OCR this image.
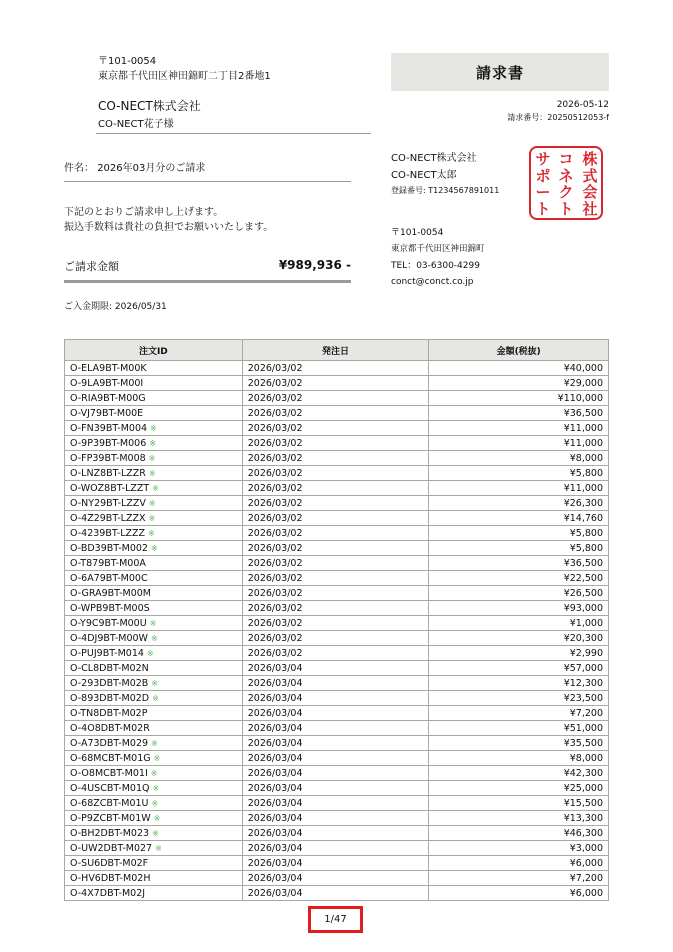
〒101-0054
東京都千代田区神田錦町二丁目2番地1
CO-NECT株式会社
CO-NECT花子様
件名： 2026年03月分のご請求
下記のとおりご請求申し上げます。
振込手数料は貴社の負担でお願いいたします。
ご請求金額	¥989,936 -
ご入金期限: 2026/05/31
請求書
2026-05-12
請求番号：20250512053-f
CO-NECT株式会社
CO-NECT太郎
登録番号: T1234567891011
〒101-0054
東京都千代田区神田錦町
TEL：03-6300-4299
conct@conct.co.jp
株
式
会
社
コ
ネ
ク
ト
サ
ポ
ー
ト
注文ID	発注日	金額(税抜)
O-ELA9BT-M00K	2026/03/02	¥40,000
O-9LA9BT-M00I	2026/03/02	¥29,000
O-RIA9BT-M00G	2026/03/02	¥110,000
O-VJ79BT-M00E	2026/03/02	¥36,500
O-FN39BT-M004 ※	2026/03/02	¥11,000
O-9P39BT-M006 ※	2026/03/02	¥11,000
O-FP39BT-M008 ※	2026/03/02	¥8,000
O-LNZ8BT-LZZR ※	2026/03/02	¥5,800
O-WOZ8BT-LZZT ※	2026/03/02	¥11,000
O-NY29BT-LZZV ※	2026/03/02	¥26,300
O-4Z29BT-LZZX ※	2026/03/02	¥14,760
O-4239BT-LZZZ ※	2026/03/02	¥5,800
O-BD39BT-M002 ※	2026/03/02	¥5,800
O-T879BT-M00A	2026/03/02	¥36,500
O-6A79BT-M00C	2026/03/02	¥22,500
O-GRA9BT-M00M	2026/03/02	¥26,500
O-WPB9BT-M00S	2026/03/02	¥93,000
O-Y9C9BT-M00U ※	2026/03/02	¥1,000
O-4DJ9BT-M00W ※	2026/03/02	¥20,300
O-PUJ9BT-M014 ※	2026/03/02	¥2,990
O-CL8DBT-M02N	2026/03/04	¥57,000
O-293DBT-M02B ※	2026/03/04	¥12,300
O-893DBT-M02D ※	2026/03/04	¥23,500
O-TN8DBT-M02P	2026/03/04	¥7,200
O-4O8DBT-M02R	2026/03/04	¥51,000
O-A73DBT-M029 ※	2026/03/04	¥35,500
O-68MCBT-M01G ※	2026/03/04	¥8,000
O-O8MCBT-M01I ※	2026/03/04	¥42,300
O-4USCBT-M01Q ※	2026/03/04	¥25,000
O-68ZCBT-M01U ※	2026/03/04	¥15,500
O-P9ZCBT-M01W ※	2026/03/04	¥13,300
O-BH2DBT-M023 ※	2026/03/04	¥46,300
O-UW2DBT-M027 ※	2026/03/04	¥3,000
O-SU6DBT-M02F	2026/03/04	¥6,000
O-HV6DBT-M02H	2026/03/04	¥7,200
O-4X7DBT-M02J	2026/03/04	¥6,000
1/47
